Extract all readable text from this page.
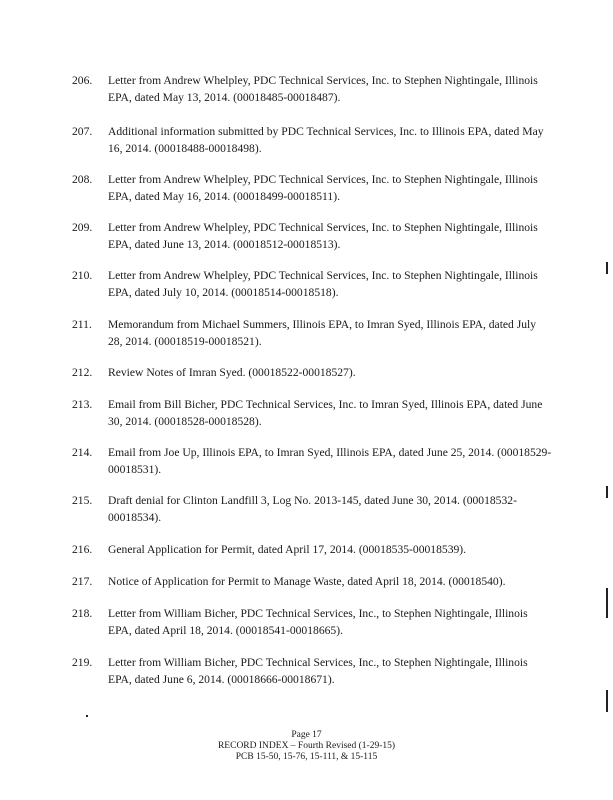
206.	Letter from Andrew Whelpley, PDC Technical Services, Inc. to Stephen Nightingale, Illinois EPA, dated May 13, 2014. (00018485-00018487).
207.	Additional information submitted by PDC Technical Services, Inc. to Illinois EPA, dated May 16, 2014. (00018488-00018498).
208.	Letter from Andrew Whelpley, PDC Technical Services, Inc. to Stephen Nightingale, Illinois EPA, dated May 16, 2014. (00018499-00018511).
209.	Letter from Andrew Whelpley, PDC Technical Services, Inc. to Stephen Nightingale, Illinois EPA, dated June 13, 2014. (00018512-00018513).
210.	Letter from Andrew Whelpley, PDC Technical Services, Inc. to Stephen Nightingale, Illinois EPA, dated July 10, 2014. (00018514-00018518).
211.	Memorandum from Michael Summers, Illinois EPA, to Imran Syed, Illinois EPA, dated July 28, 2014. (00018519-00018521).
212.	Review Notes of Imran Syed. (00018522-00018527).
213.	Email from Bill Bicher, PDC Technical Services, Inc. to Imran Syed, Illinois EPA, dated June 30, 2014. (00018528-00018528).
214.	Email from Joe Up, Illinois EPA, to Imran Syed, Illinois EPA, dated June 25, 2014. (00018529-00018531).
215.	Draft denial for Clinton Landfill 3, Log No. 2013-145, dated June 30, 2014. (00018532-00018534).
216.	General Application for Permit, dated April 17, 2014. (00018535-00018539).
217.	Notice of Application for Permit to Manage Waste, dated April 18, 2014. (00018540).
218.	Letter from William Bicher, PDC Technical Services, Inc., to Stephen Nightingale, Illinois EPA, dated April 18, 2014. (00018541-00018665).
219.	Letter from William Bicher, PDC Technical Services, Inc., to Stephen Nightingale, Illinois EPA, dated June 6, 2014. (00018666-00018671).
Page 17
RECORD INDEX – Fourth Revised (1-29-15)
PCB 15-50, 15-76, 15-111, & 15-115
